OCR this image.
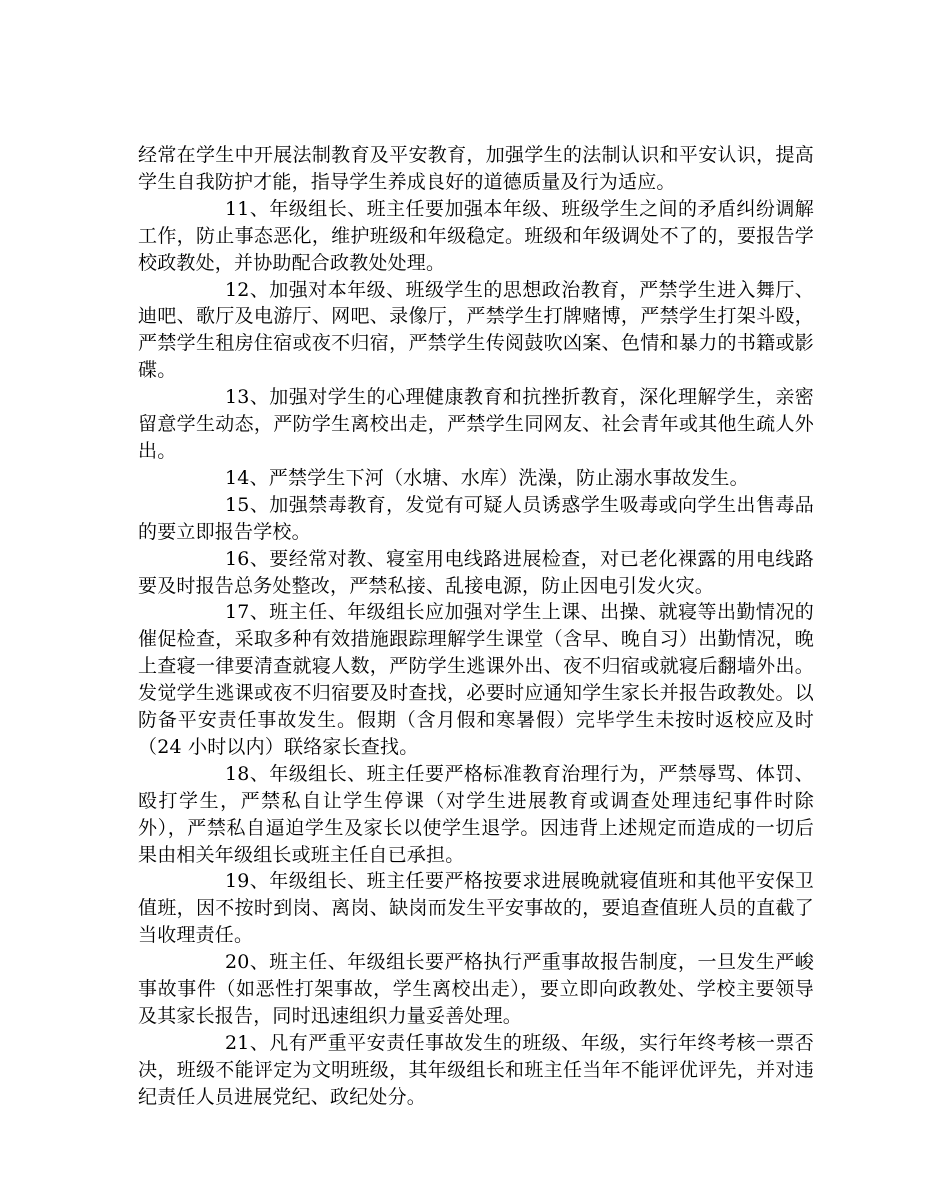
经常在学生中开展法制教育及平安教育，加强学生的法制认识和平安认识，提高学生自我防护才能，指导学生养成良好的道德质量及行为适应。

11、年级组长、班主任要加强本年级、班级学生之间的矛盾纠纷调解工作，防止事态恶化，维护班级和年级稳定。班级和年级调处不了的，要报告学校政教处，并协助配合政教处处理。

12、加强对本年级、班级学生的思想政治教育，严禁学生进入舞厅、迪吧、歌厅及电游厅、网吧、录像厅，严禁学生打牌赌博，严禁学生打架斗殴，严禁学生租房住宿或夜不归宿，严禁学生传阅鼓吹凶案、色情和暴力的书籍或影碟。

13、加强对学生的心理健康教育和抗挫折教育，深化理解学生，亲密留意学生动态，严防学生离校出走，严禁学生同网友、社会青年或其他生疏人外出。

14、严禁学生下河（水塘、水库）洗澡，防止溺水事故发生。

15、加强禁毒教育，发觉有可疑人员诱惑学生吸毒或向学生出售毒品的要立即报告学校。

16、要经常对教、寝室用电线路进展检查，对已老化裸露的用电线路要及时报告总务处整改，严禁私接、乱接电源，防止因电引发火灾。

17、班主任、年级组长应加强对学生上课、出操、就寝等出勤情况的催促检查，采取多种有效措施跟踪理解学生课堂（含早、晚自习）出勤情况，晚上查寝一律要清查就寝人数，严防学生逃课外出、夜不归宿或就寝后翻墙外出。发觉学生逃课或夜不归宿要及时查找，必要时应通知学生家长并报告政教处。以防备平安责任事故发生。假期（含月假和寒暑假）完毕学生未按时返校应及时（24 小时以内）联络家长查找。

18、年级组长、班主任要严格标准教育治理行为，严禁辱骂、体罚、殴打学生，严禁私自让学生停课（对学生进展教育或调查处理违纪事件时除外），严禁私自逼迫学生及家长以使学生退学。因违背上述规定而造成的一切后果由相关年级组长或班主任自已承担。

19、年级组长、班主任要严格按要求进展晚就寝值班和其他平安保卫值班，因不按时到岗、离岗、缺岗而发生平安事故的，要追查值班人员的直截了当收理责任。

20、班主任、年级组长要严格执行严重事故报告制度，一旦发生严峻事故事件（如恶性打架事故，学生离校出走），要立即向政教处、学校主要领导及其家长报告，同时迅速组织力量妥善处理。

21、凡有严重平安责任事故发生的班级、年级，实行年终考核一票否决，班级不能评定为文明班级，其年级组长和班主任当年不能评优评先，并对违纪责任人员进展党纪、政纪处分。
